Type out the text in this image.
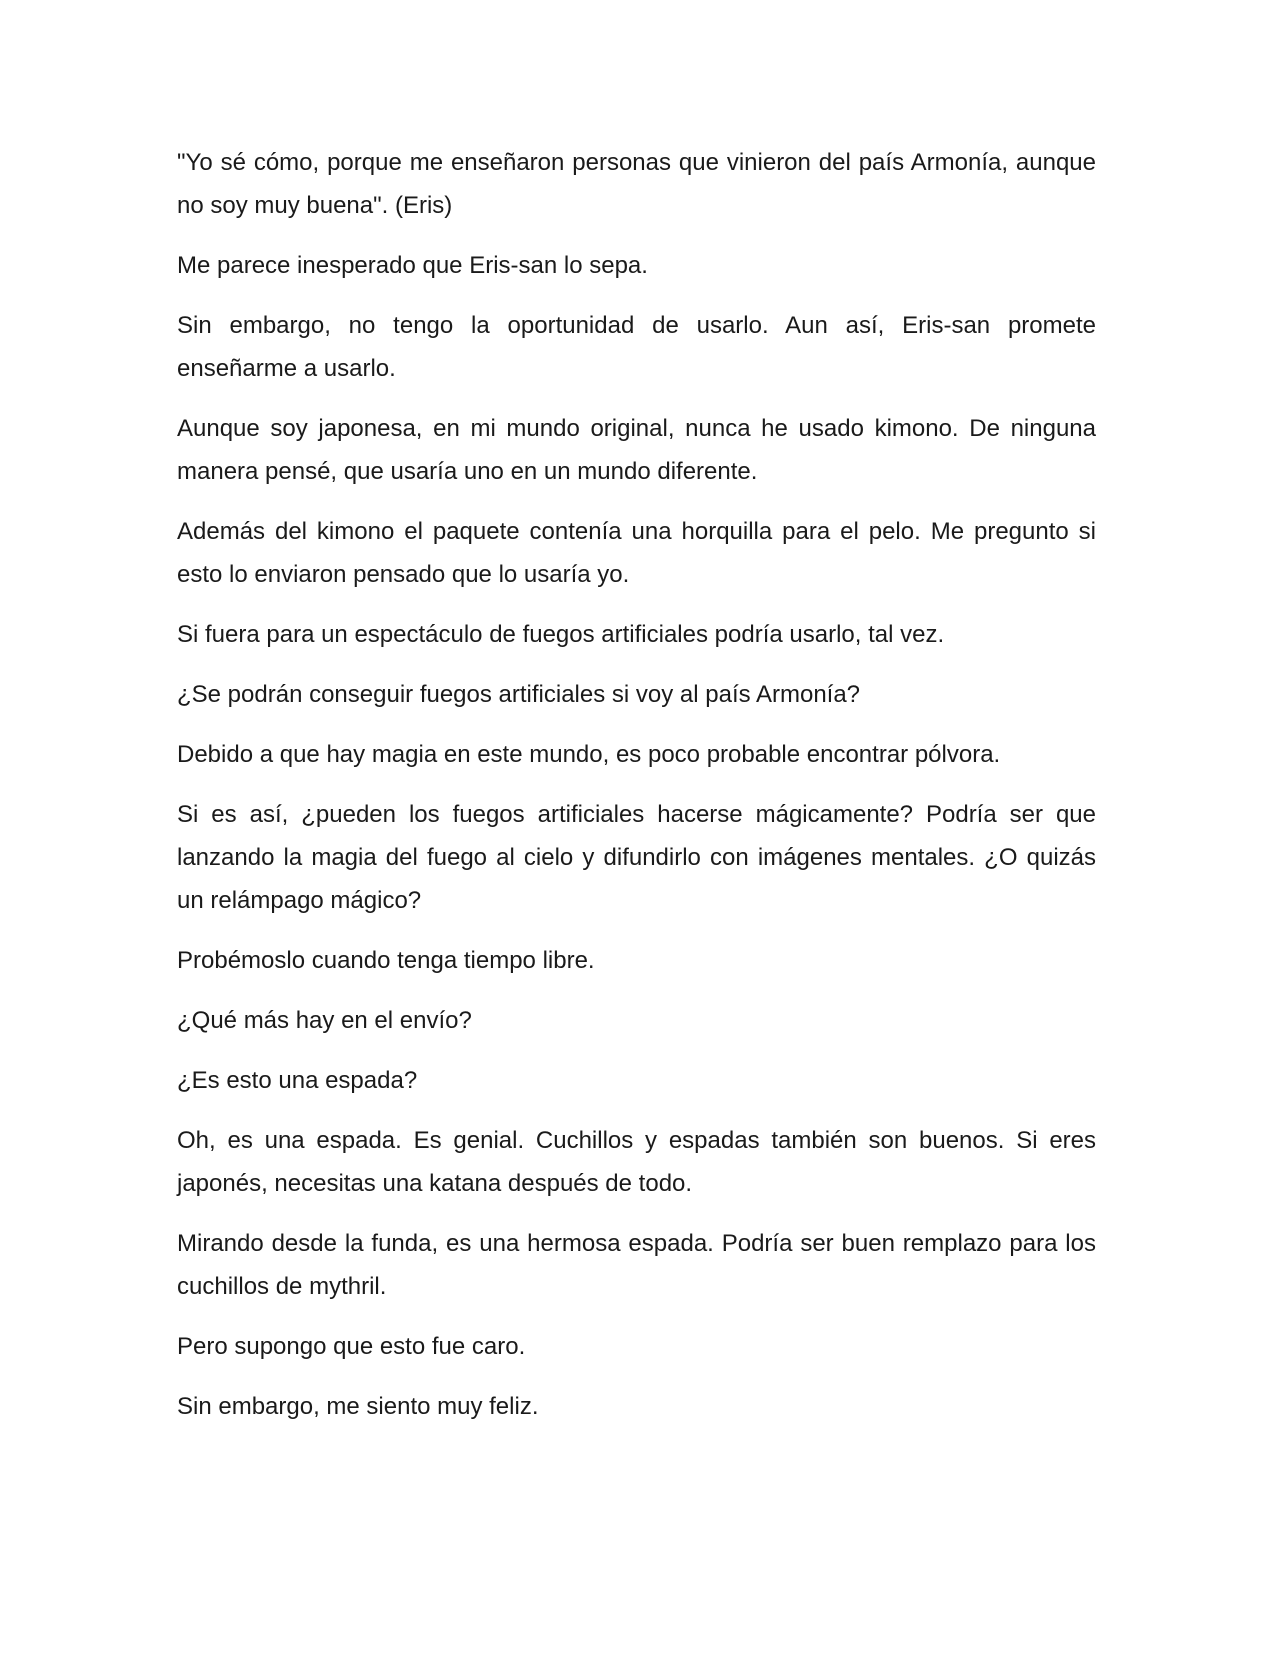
"Yo sé cómo, porque me enseñaron personas que vinieron del país Armonía, aunque no soy muy buena". (Eris)

Me parece inesperado que Eris-san lo sepa.

Sin embargo, no tengo la oportunidad de usarlo. Aun así, Eris-san promete enseñarme a usarlo.

Aunque soy japonesa, en mi mundo original, nunca he usado kimono. De ninguna manera pensé, que usaría uno en un mundo diferente.

Además del kimono el paquete contenía una horquilla para el pelo. Me pregunto si esto lo enviaron pensado que lo usaría yo.

Si fuera para un espectáculo de fuegos artificiales podría usarlo, tal vez.

¿Se podrán conseguir fuegos artificiales si voy al país Armonía?

Debido a que hay magia en este mundo, es poco probable encontrar pólvora.

Si es así, ¿pueden los fuegos artificiales hacerse mágicamente? Podría ser que lanzando la magia del fuego al cielo y difundirlo con imágenes mentales. ¿O quizás un relámpago mágico?

Probémoslo cuando tenga tiempo libre.

¿Qué más hay en el envío?

¿Es esto una espada?

Oh, es una espada. Es genial. Cuchillos y espadas también son buenos. Si eres japonés, necesitas una katana después de todo.

Mirando desde la funda, es una hermosa espada. Podría ser buen remplazo para los cuchillos de mythril.

Pero supongo que esto fue caro.

Sin embargo, me siento muy feliz.
